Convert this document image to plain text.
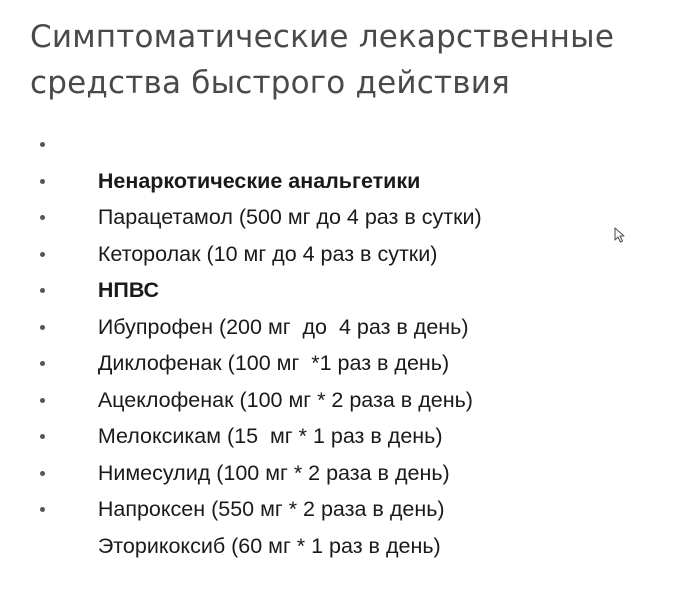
Симптоматические лекарственные
средства быстрого действия

Ненаркотические анальгетики

Парацетамол (500 мг до 4 раз в сутки)

Кеторолак (10 мг до 4 раз в сутки)

НПВС

Ибупрофен (200 мг  до  4 раз в день)

Диклофенак (100 мг  *1 раз в день)

Ацеклофенак (100 мг * 2 раза в день)

Мелоксикам (15  мг * 1 раз в день)

Нимесулид (100 мг * 2 раза в день)

Напроксен (550 мг * 2 раза в день)

Эторикоксиб (60 мг * 1 раз в день)
